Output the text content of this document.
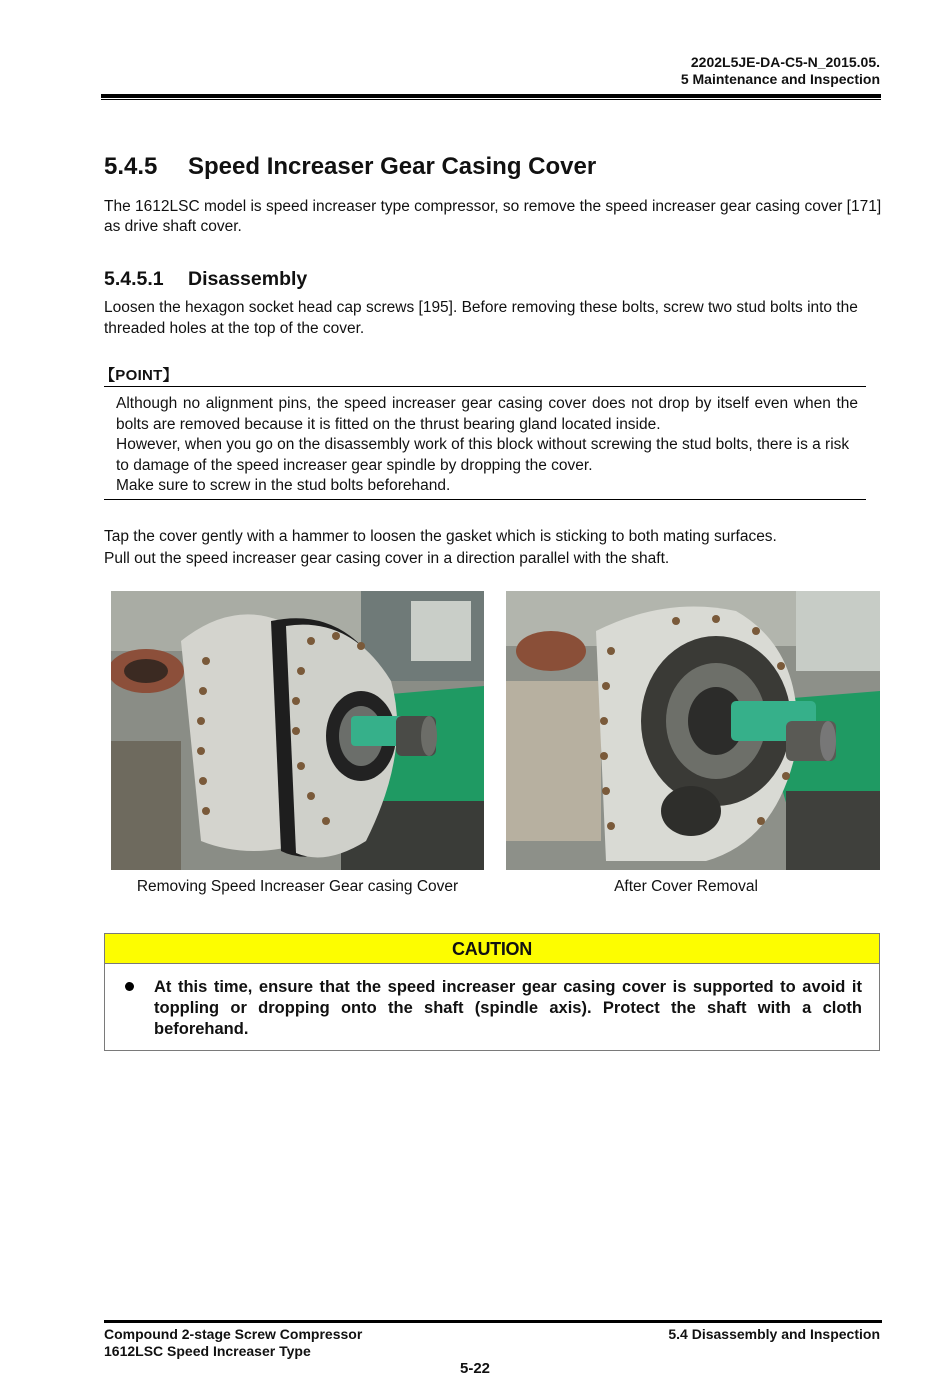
2202L5JE-DA-C5-N_2015.05.
5 Maintenance and Inspection
5.4.5 Speed Increaser Gear Casing Cover
The 1612LSC model is speed increaser type compressor, so remove the speed increaser gear casing cover [171] as drive shaft cover.
5.4.5.1 Disassembly
Loosen the hexagon socket head cap screws [195]. Before removing these bolts, screw two stud bolts into the threaded holes at the top of the cover.
【POINT】

Although no alignment pins, the speed increaser gear casing cover does not drop by itself even when the bolts are removed because it is fitted on the thrust bearing gland located inside.

However, when you go on the disassembly work of this block without screwing the stud bolts, there is a risk to damage of the speed increaser gear spindle by dropping the cover.

Make sure to screw in the stud bolts beforehand.

Tap the cover gently with a hammer to loosen the gasket which is sticking to both mating surfaces.
Pull out the speed increaser gear casing cover in a direction parallel with the shaft.
Removing Speed Increaser Gear casing Cover	After Cover Removal
CAUTION
At this time, ensure that the speed increaser gear casing cover is supported to avoid it toppling or dropping onto the shaft (spindle axis). Protect the shaft with a cloth beforehand.
Compound 2-stage Screw Compressor
1612LSC Speed Increaser Type
5.4 Disassembly and Inspection
5-22
